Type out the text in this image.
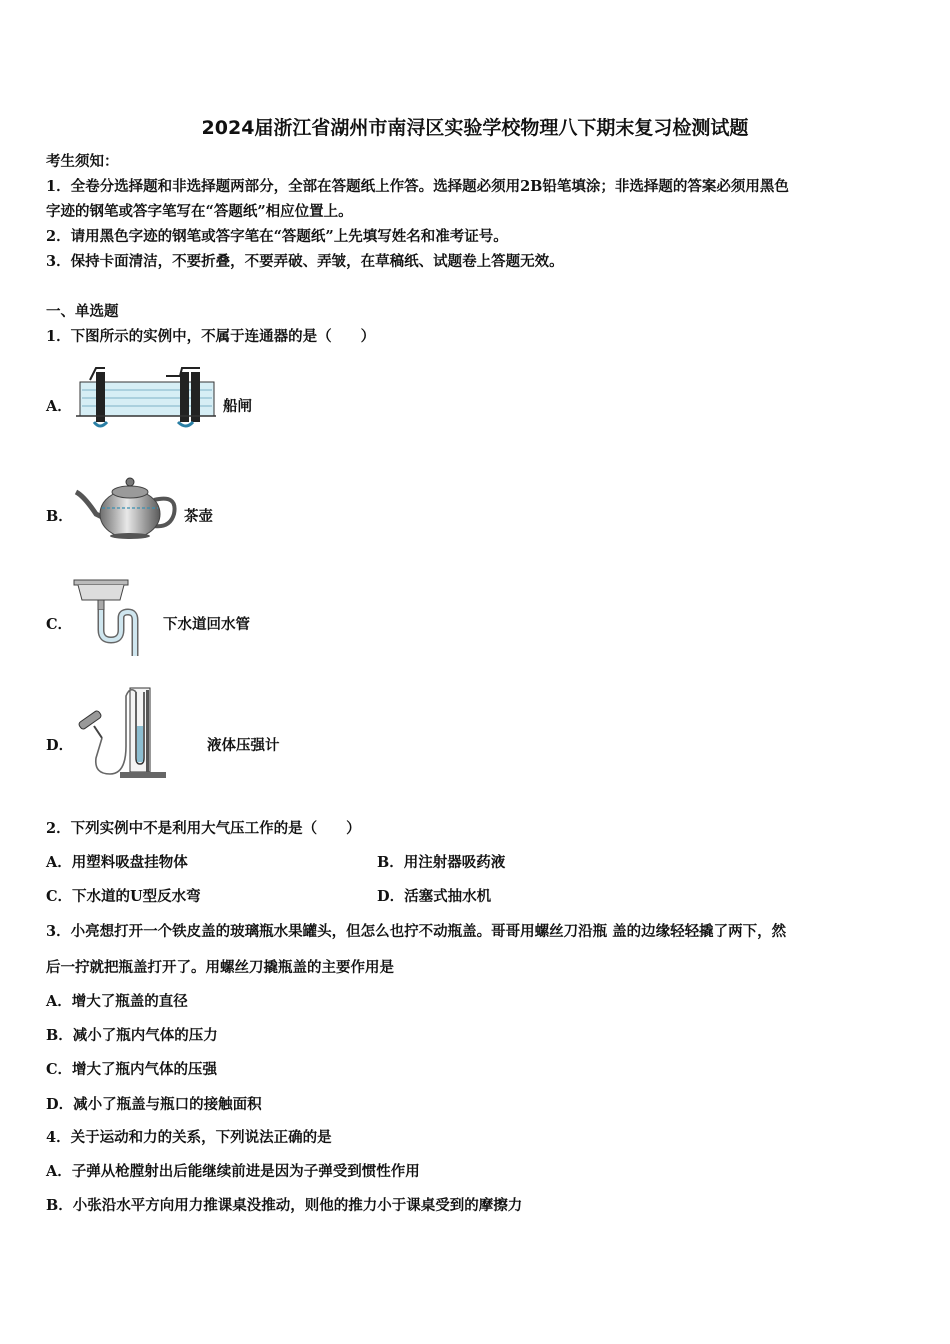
2024届浙江省湖州市南浔区实验学校物理八下期末复习检测试题
考生须知：
1．全卷分选择题和非选择题两部分，全部在答题纸上作答。选择题必须用2B铅笔填涂；非选择题的答案必须用黑色
字迹的钢笔或答字笔写在“答题纸”相应位置上。
2．请用黑色字迹的钢笔或答字笔在“答题纸”上先填写姓名和准考证号。
3．保持卡面清洁，不要折叠，不要弄破、弄皱，在草稿纸、试题卷上答题无效。
一、单选题
1．下图所示的实例中，不属于连通器的是（　　）
A．	船闸
B．	茶壶
C．	下水道回水管
D．	液体压强计
2．下列实例中不是利用大气压工作的是（　　）
A．用塑料吸盘挂物体	B．用注射器吸药液
C．下水道的U型反水弯	D．活塞式抽水机
3．小亮想打开一个铁皮盖的玻璃瓶水果罐头，但怎么也拧不动瓶盖。哥哥用螺丝刀沿瓶 盖的边缘轻轻撬了两下，然
后一拧就把瓶盖打开了。用螺丝刀撬瓶盖的主要作用是
A．增大了瓶盖的直径
B．减小了瓶内气体的压力
C．增大了瓶内气体的压强
D．减小了瓶盖与瓶口的接触面积
4．关于运动和力的关系，下列说法正确的是
A．子弹从枪膛射出后能继续前进是因为子弹受到惯性作用
B．小张沿水平方向用力推课桌没推动，则他的推力小于课桌受到的摩擦力
